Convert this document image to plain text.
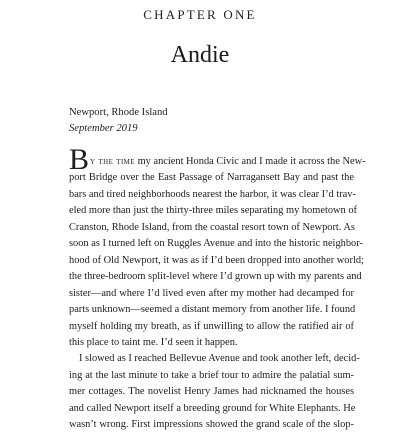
CHAPTER ONE
Andie
Newport, Rhode Island
September 2019

By the time my ancient Honda Civic and I made it across the New-
port Bridge over the East Passage of Narragansett Bay and past the
bars and tired neighborhoods nearest the harbor, it was clear I’d trav-
eled more than just the thirty-three miles separating my hometown of
Cranston, Rhode Island, from the coastal resort town of Newport. As
soon as I turned left on Ruggles Avenue and into the historic neighbor-
hood of Old Newport, it was as if I’d been dropped into another world;
the three-bedroom split-level where I’d grown up with my parents and
sister—and where I’d lived even after my mother had decamped for
parts unknown—seemed a distant memory from another life. I found
myself holding my breath, as if unwilling to allow the ratified air of
this place to taint me. I’d seen it happen.

I slowed as I reached Bellevue Avenue and took another left, decid-
ing at the last minute to take a brief tour to admire the palatial sum-
mer cottages. The novelist Henry James had nicknamed the houses
and called Newport itself a breeding ground for White Elephants. He
wasn’t wrong. First impressions showed the grand scale of the slop-
